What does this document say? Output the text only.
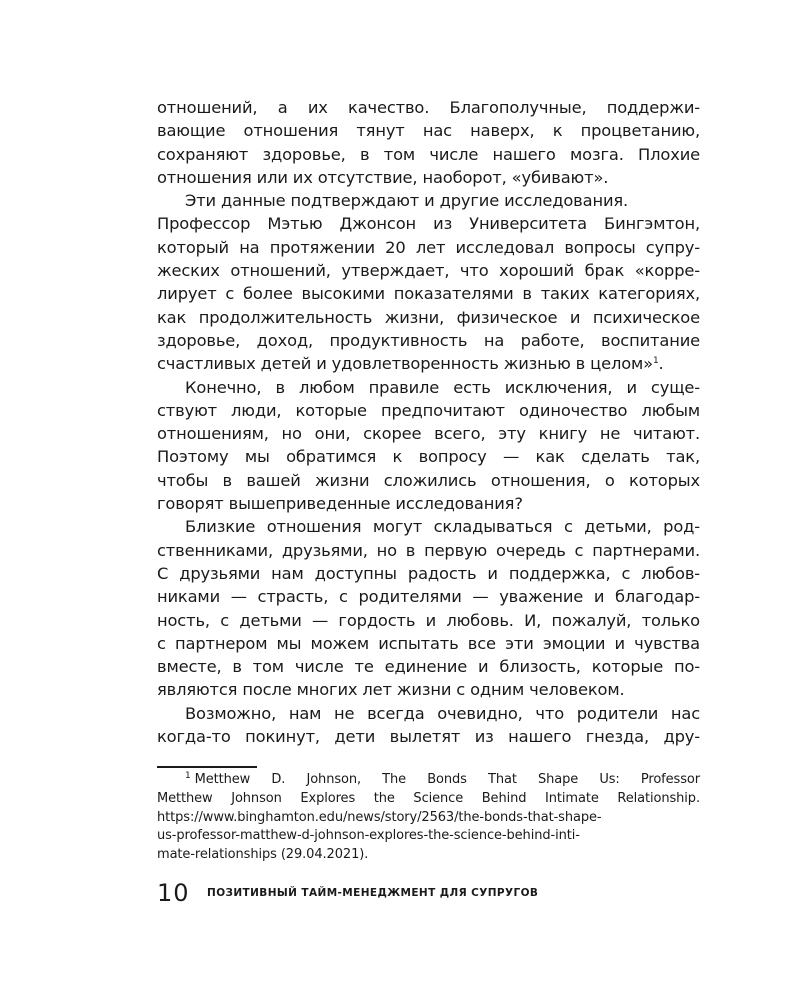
отношений, а их качество. Благополучные, поддержи-
вающие отношения тянут нас наверх, к процветанию,
сохраняют здоровье, в том числе нашего мозга. Плохие
отношения или их отсутствие, наоборот, «убивают».
Эти данные подтверждают и другие исследования.
Профессор Мэтью Джонсон из Университета Бингэмтон,
который на протяжении 20 лет исследовал вопросы супру-
жеских отношений, утверждает, что хороший брак «корре-
лирует с более высокими показателями в таких категориях,
как продолжительность жизни, физическое и психическое
здоровье, доход, продуктивность на работе, воспитание
счастливых детей и удовлетворенность жизнью в целом»$^1$.
Конечно, в любом правиле есть исключения, и суще-
ствуют люди, которые предпочитают одиночество любым
отношениям, но они, скорее всего, эту книгу не читают.
Поэтому мы обратимся к вопросу — как сделать так,
чтобы в вашей жизни сложились отношения, о которых
говорят вышеприведенные исследования?
Близкие отношения могут складываться с детьми, род-
ственниками, друзьями, но в первую очередь с партнерами.
С друзьями нам доступны радость и поддержка, с любов-
никами — страсть, с родителями — уважение и благодар-
ность, с детьми — гордость и любовь. И, пожалуй, только
с партнером мы можем испытать все эти эмоции и чувства
вместе, в том числе те единение и близость, которые по-
являются после многих лет жизни с одним человеком.
Возможно, нам не всегда очевидно, что родители нас
когда-то покинут, дети вылетят из нашего гнезда, дру-
$^1$ Metthew D. Johnson, The Bonds That Shape Us: Professor
Metthew Johnson Explores the Science Behind Intimate Relationship.
https://www.binghamton.edu/news/story/2563/the-bonds-that-shape-
us-professor-matthew-d-johnson-explores-the-science-behind-inti-
mate-relationships (29.04.2021).
10 ПОЗИТИВНЫЙ ТАЙМ-МЕНЕДЖМЕНТ ДЛЯ СУПРУГОВ
